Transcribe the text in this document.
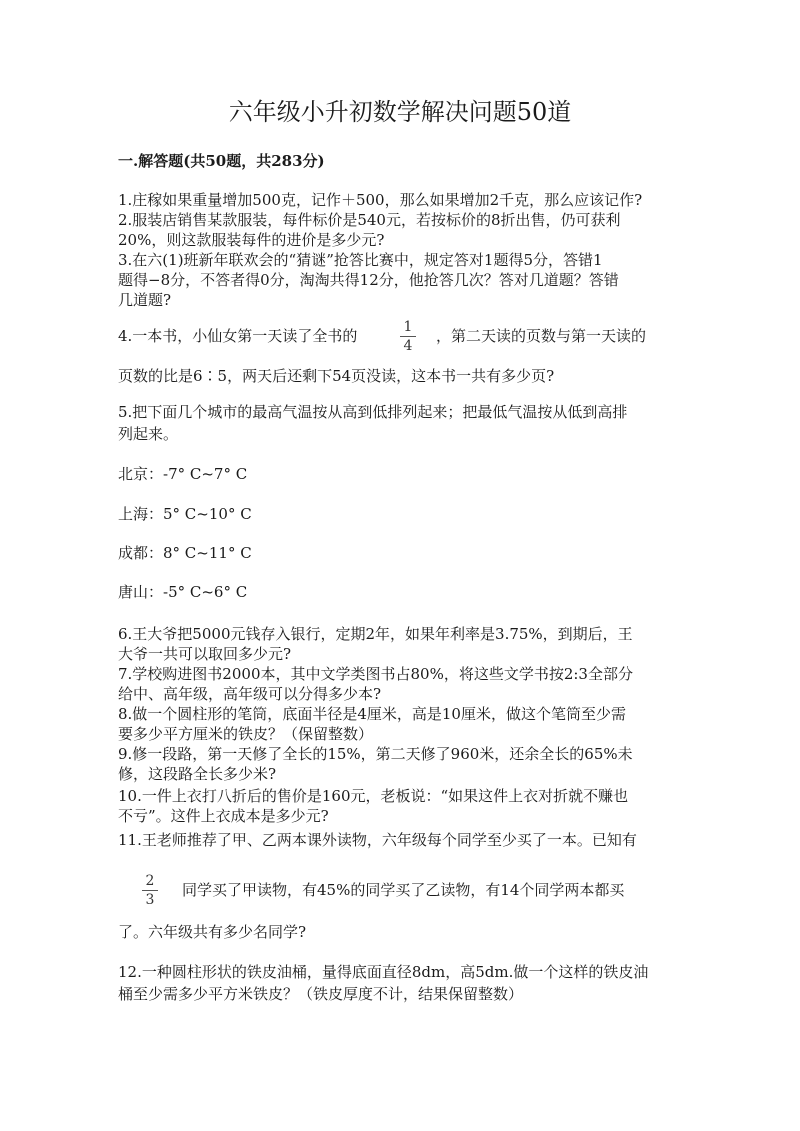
六年级小升初数学解决问题50道
一.解答题(共50题，共283分)
1.庄稼如果重量增加500克，记作＋500，那么如果增加2千克，那么应该记作?
2.服装店销售某款服装，每件标价是540元，若按标价的8折出售，仍可获利
20%，则这款服装每件的进价是多少元?
3.在六(1)班新年联欢会的“猜谜”抢答比赛中，规定答对1题得5分，答错1
题得−8分，不答者得0分，淘淘共得12分，他抢答几次？答对几道题？答错
几道题?
4.一本书，小仙女第一天读了全书的	1
4
，第二天读的页数与第一天读的
页数的比是6∶5，两天后还剩下54页没读，这本书一共有多少页?
5.把下面几个城市的最高气温按从高到低排列起来；把最低气温按从低到高排
列起来。
北京：-7° C~7° C
上海：5° C~10° C
成都：8° C~11° C
唐山：-5° C~6° C
6.王大爷把5000元钱存入银行，定期2年，如果年利率是3.75%，到期后，王
大爷一共可以取回多少元?
7.学校购进图书2000本，其中文学类图书占80%，将这些文学书按2:3全部分
给中、高年级，高年级可以分得多少本?
8.做一个圆柱形的笔筒，底面半径是4厘米，高是10厘米，做这个笔筒至少需
要多少平方厘米的铁皮？（保留整数）
9.修一段路，第一天修了全长的15%，第二天修了960米，还余全长的65%未
修，这段路全长多少米?
10.一件上衣打八折后的售价是160元，老板说：“如果这件上衣对折就不赚也
不亏”。这件上衣成本是多少元?
11.王老师推荐了甲、乙两本课外读物，六年级每个同学至少买了一本。已知有
2
3
同学买了甲读物，有45%的同学买了乙读物，有14个同学两本都买
了。六年级共有多少名同学?
12.一种圆柱形状的铁皮油桶，量得底面直径8dm，高5dm.做一个这样的铁皮油
桶至少需多少平方米铁皮？（铁皮厚度不计，结果保留整数）
